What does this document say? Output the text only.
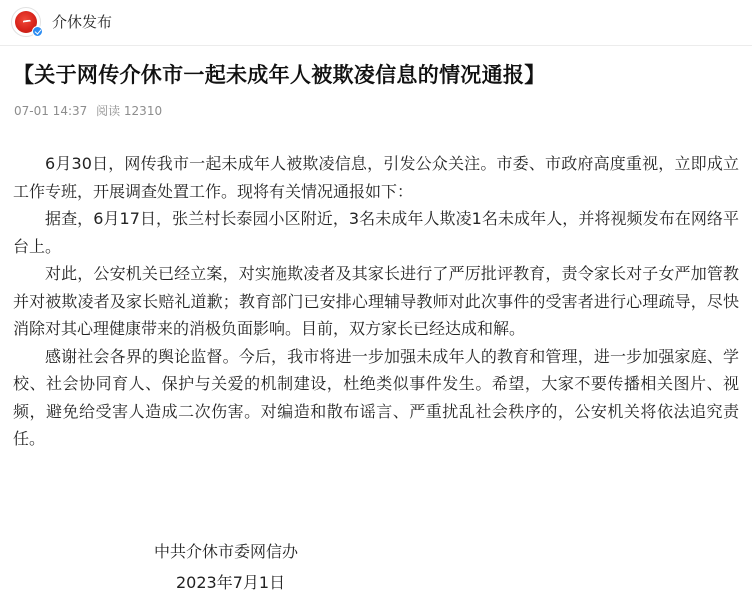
介休发布
【关于网传介休市一起未成年人被欺凌信息的情况通报】
07-01 14:37 阅读 12310

6月30日，网传我市一起未成年人被欺凌信息，引发公众关注。市委、市政府高度重视，立即成立工作专班，开展调查处置工作。现将有关情况通报如下：

据查，6月17日，张兰村长泰园小区附近，3名未成年人欺凌1名未成年人，并将视频发布在网络平台上。

对此，公安机关已经立案，对实施欺凌者及其家长进行了严厉批评教育，责令家长对子女严加管教并对被欺凌者及家长赔礼道歉；教育部门已安排心理辅导教师对此次事件的受害者进行心理疏导，尽快消除对其心理健康带来的消极负面影响。目前，双方家长已经达成和解。

感谢社会各界的舆论监督。今后，我市将进一步加强未成年人的教育和管理，进一步加强家庭、学校、社会协同育人、保护与关爱的机制建设，杜绝类似事件发生。希望，大家不要传播相关图片、视频，避免给受害人造成二次伤害。对编造和散布谣言、严重扰乱社会秩序的，公安机关将依法追究责任。

中共介休市委网信办
2023年7月1日
